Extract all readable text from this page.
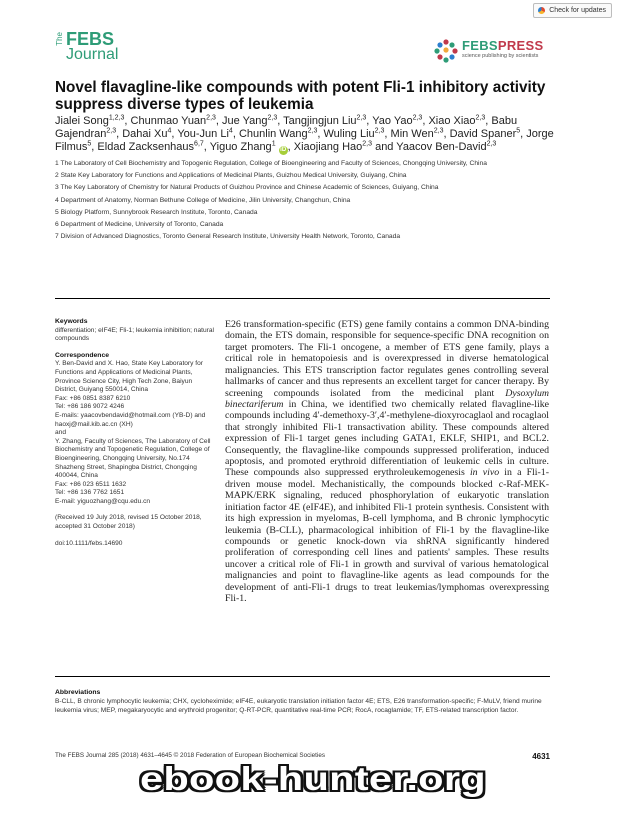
Check for updates
The FEBS
Journal
FEBSPRESS
science publishing by scientists
Novel flavagline-like compounds with potent Fli-1 inhibitory activity suppress diverse types of leukemia
Jialei Song$^{1,2,3}$, Chunmao Yuan$^{2,3}$, Jue Yang$^{2,3}$, Tangjingjun Liu$^{2,3}$, Yao Yao$^{2,3}$, Xiao Xiao$^{2,3}$, Babu Gajendran$^{2,3}$, Dahai Xu$^4$, You-Jun Li$^4$, Chunlin Wang$^{2,3}$, Wuling Liu$^{2,3}$, Min Wen$^{2,3}$, David Spaner$^5$, Jorge Filmus$^5$, Eldad Zacksenhaus$^{6,7}$, Yiguo Zhang$^1$ iD , Xiaojiang Hao$^{2,3}$ and Yaacov Ben-David$^{2,3}$
1 The Laboratory of Cell Biochemistry and Topogenic Regulation, College of Bioengineering and Faculty of Sciences, Chongqing University, China
2 State Key Laboratory for Functions and Applications of Medicinal Plants, Guizhou Medical University, Guiyang, China
3 The Key Laboratory of Chemistry for Natural Products of Guizhou Province and Chinese Academic of Sciences, Guiyang, China
4 Department of Anatomy, Norman Bethune College of Medicine, Jilin University, Changchun, China
5 Biology Platform, Sunnybrook Research Institute, Toronto, Canada
6 Department of Medicine, University of Toronto, Canada
7 Division of Advanced Diagnostics, Toronto General Research Institute, University Health Network, Toronto, Canada
Keywords

differentiation; eIF4E; Fli-1; leukemia inhibition; natural compounds

Correspondence

Y. Ben-David and X. Hao, State Key Laboratory for Functions and Applications of Medicinal Plants, Province Science City, High Tech Zone, Baiyun District, Guiyang 550014, China

Fax: +86 0851 8387 6210

Tel: +86 186 9072 4246

E-mails: yaacovbendavid@hotmail.com (YB-D) and haoxj@mail.kib.ac.cn (XH)

and

Y. Zhang, Faculty of Sciences, The Laboratory of Cell Biochemistry and Topogenetic Regulation, College of Bioengineering, Chongqing University, No.174 Shazheng Street, Shapingba District, Chongqing 400044, China

Fax: +86 023 6511 1632

Tel: +86 136 7762 1651

E-mail: yiguozhang@cqu.edu.cn

(Received 19 July 2018, revised 15 October 2018, accepted 31 October 2018)

doi:10.1111/febs.14690

E26 transformation-specific (ETS) gene family contains a common DNA-binding domain, the ETS domain, responsible for sequence-specific DNA recognition on target promoters. The Fli-1 oncogene, a member of ETS gene family, plays a critical role in hematopoiesis and is overexpressed in diverse hematological malignancies. This ETS transcription factor regulates genes controlling several hallmarks of cancer and thus represents an excellent target for cancer therapy. By screening compounds isolated from the medicinal plant Dysoxylum binectariferum in China, we identified two chemically related flavagline-like compounds including 4′-demethoxy-3′,4′-methylene-dioxyrocaglaol and rocaglaol that strongly inhibited Fli-1 transactivation ability. These compounds altered expression of Fli-1 target genes including GATA1, EKLF, SHIP1, and BCL2. Consequently, the flavagline-like compounds suppressed proliferation, induced apoptosis, and promoted erythroid differentiation of leukemic cells in culture. These compounds also suppressed erythroleukemogenesis in vivo in a Fli-1-driven mouse model. Mechanistically, the compounds blocked c-Raf-MEK-MAPK/ERK signaling, reduced phosphorylation of eukaryotic translation initiation factor 4E (eIF4E), and inhibited Fli-1 protein synthesis. Consistent with its high expression in myelomas, B-cell lymphoma, and B chronic lymphocytic leukemia (B-CLL), pharmacological inhibition of Fli-1 by the flavagline-like compounds or genetic knock-down via shRNA significantly hindered proliferation of corresponding cell lines and patients' samples. These results uncover a critical role of Fli-1 in growth and survival of various hematological malignancies and point to flavagline-like agents as lead compounds for the development of anti-Fli-1 drugs to treat leukemias/lymphomas overexpressing Fli-1.

Abbreviations
B-CLL, B chronic lymphocytic leukemia; CHX, cycloheximide; eIF4E, eukaryotic translation initiation factor 4E; ETS, E26 transformation-specific; F-MuLV, friend murine leukemia virus; MEP, megakaryocytic and erythroid progenitor; Q-RT-PCR, quantitative real-time PCR; RocA, rocaglamide; TF, ETS-related transcription factor.
The FEBS Journal 285 (2018) 4631–4645 © 2018 Federation of European Biochemical Societies	4631
ebook-hunter.org
